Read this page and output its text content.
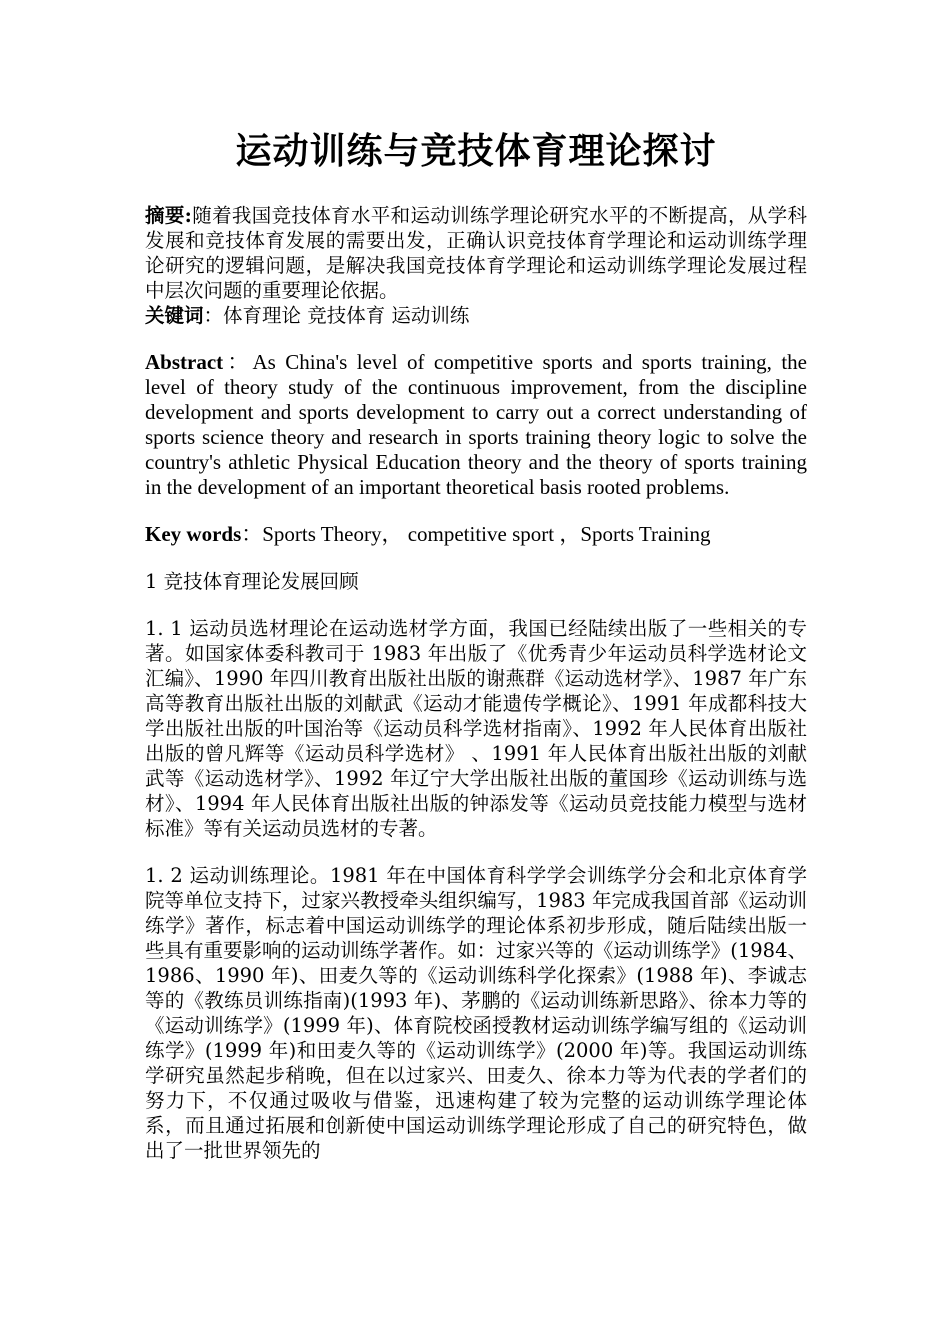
运动训练与竞技体育理论探讨

摘要:随着我国竞技体育水平和运动训练学理论研究水平的不断提高，从学科发展和竞技体育发展的需要出发，正确认识竞技体育学理论和运动训练学理论研究的逻辑问题，是解决我国竞技体育学理论和运动训练学理论发展过程中层次问题的重要理论依据。

关键词：体育理论 竞技体育 运动训练

Abstract：As China's level of competitive sports and sports training, the level of theory study of the continuous improvement, from the discipline development and sports development to carry out a correct understanding of sports science theory and research in sports training theory logic to solve the country's athletic Physical Education theory and the theory of sports training in the development of an important theoretical basis rooted problems.

Key words：Sports Theory， competitive sport ，Sports Training

1 竞技体育理论发展回顾

1. 1 运动员选材理论在运动选材学方面，我国已经陆续出版了一些相关的专著。如国家体委科教司于 1983 年出版了《优秀青少年运动员科学选材论文汇编》、1990 年四川教育出版社出版的谢燕群《运动选材学》、1987 年广东高等教育出版社出版的刘献武《运动才能遗传学概论》、1991 年成都科技大学出版社出版的叶国治等《运动员科学选材指南》、1992 年人民体育出版社出版的曾凡辉等《运动员科学选材》 、1991 年人民体育出版社出版的刘献武等《运动选材学》、1992 年辽宁大学出版社出版的董国珍《运动训练与选材》、1994 年人民体育出版社出版的钟添发等《运动员竞技能力模型与选材标准》等有关运动员选材的专著。

1. 2 运动训练理论。1981 年在中国体育科学学会训练学分会和北京体育学院等单位支持下，过家兴教授牵头组织编写，1983 年完成我国首部《运动训练学》著作，标志着中国运动训练学的理论体系初步形成，随后陆续出版一些具有重要影响的运动训练学著作。如：过家兴等的《运动训练学》(1984、1986、1990 年)、田麦久等的《运动训练科学化探索》(1988 年)、李诚志等的《教练员训练指南)(1993 年)、茅鹏的《运动训练新思路》、徐本力等的《运动训练学》(1999 年)、体育院校函授教材运动训练学编写组的《运动训练学》(1999 年)和田麦久等的《运动训练学》(2000 年)等。我国运动训练学研究虽然起步稍晚，但在以过家兴、田麦久、徐本力等为代表的学者们的努力下，不仅通过吸收与借鉴，迅速构建了较为完整的运动训练学理论体系，而且通过拓展和创新使中国运动训练学理论形成了自己的研究特色，做出了一批世界领先的
